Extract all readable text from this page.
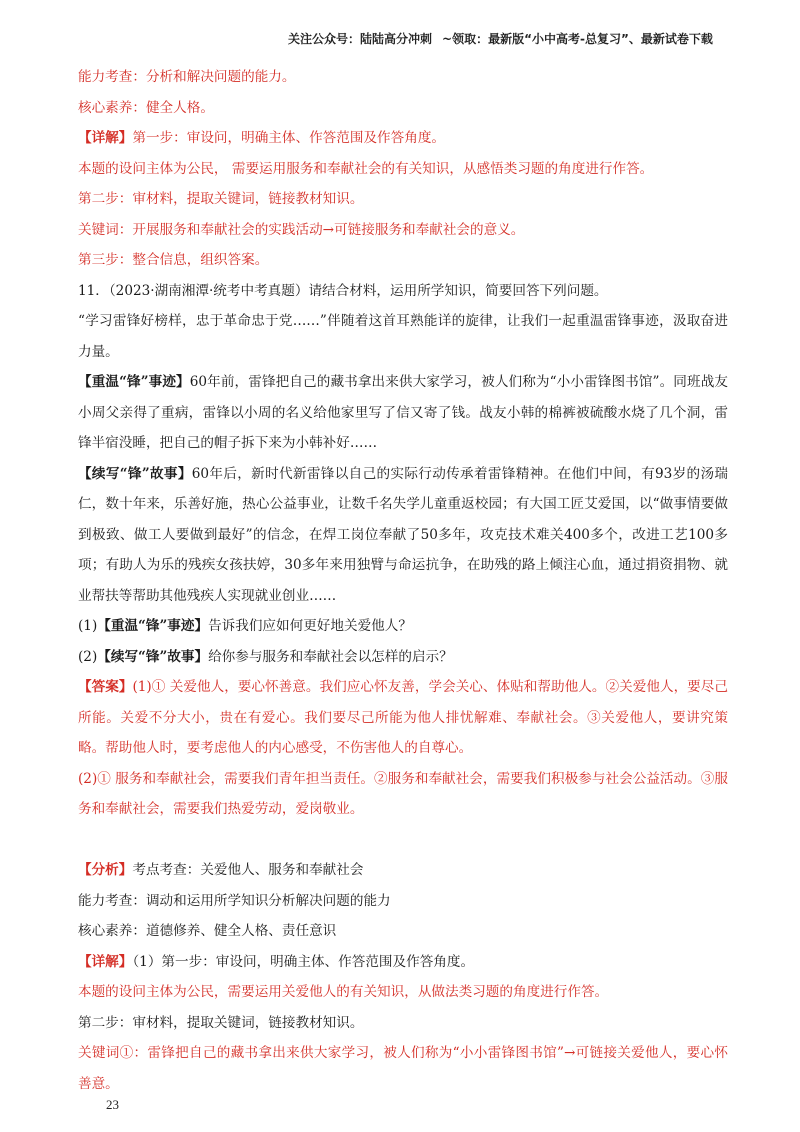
关注公众号：陆陆高分冲刺 ~领取：最新版“小中高考-总复习”、最新试卷下载
能力考查：分析和解决问题的能力。
核心素养：健全人格。
【详解】第一步：审设问，明确主体、作答范围及作答角度。
本题的设问主体为公民， 需要运用服务和奉献社会的有关知识，从感悟类习题的角度进行作答。
第二步：审材料，提取关键词，链接教材知识。
关键词：开展服务和奉献社会的实践活动→可链接服务和奉献社会的意义。
第三步：整合信息，组织答案。
11．（2023·湖南湘潭·统考中考真题）请结合材料，运用所学知识，简要回答下列问题。
“学习雷锋好榜样，忠于革命忠于党……”伴随着这首耳熟能详的旋律，让我们一起重温雷锋事迹，汲取奋进力量。
【重温“锋”事迹】60年前，雷锋把自己的藏书拿出来供大家学习，被人们称为“小小雷锋图书馆”。同班战友小周父亲得了重病，雷锋以小周的名义给他家里写了信又寄了钱。战友小韩的棉裤被硫酸水烧了几个洞，雷锋半宿没睡，把自己的帽子拆下来为小韩补好……
【续写“锋”故事】60年后，新时代新雷锋以自己的实际行动传承着雷锋精神。在他们中间，有93岁的汤瑞仁，数十年来，乐善好施，热心公益事业，让数千名失学儿童重返校园；有大国工匠艾爱国，以“做事情要做到极致、做工人要做到最好”的信念，在焊工岗位奉献了50多年，攻克技术难关400多个，改进工艺100多项；有助人为乐的残疾女孩扶婷，30多年来用独臂与命运抗争，在助残的路上倾注心血，通过捐资捐物、就业帮扶等帮助其他残疾人实现就业创业……
(1)【重温“锋”事迹】告诉我们应如何更好地关爱他人？
(2)【续写“锋”故事】给你参与服务和奉献社会以怎样的启示？
【答案】(1)① 关爱他人，要心怀善意。我们应心怀友善，学会关心、体贴和帮助他人。②关爱他人，要尽己所能。关爱不分大小，贵在有爱心。我们要尽己所能为他人排忧解难、奉献社会。③关爱他人，要讲究策略。帮助他人时，要考虑他人的内心感受，不伤害他人的自尊心。
(2)① 服务和奉献社会，需要我们青年担当责任。②服务和奉献社会，需要我们积极参与社会公益活动。③服务和奉献社会，需要我们热爱劳动，爱岗敬业。
【分析】考点考查：关爱他人、服务和奉献社会
能力考查：调动和运用所学知识分析解决问题的能力
核心素养：道德修养、健全人格、责任意识
【详解】（1）第一步：审设问，明确主体、作答范围及作答角度。
本题的设问主体为公民，需要运用关爱他人的有关知识，从做法类习题的角度进行作答。
第二步：审材料，提取关键词，链接教材知识。
关键词①：雷锋把自己的藏书拿出来供大家学习，被人们称为“小小雷锋图书馆”→可链接关爱他人，要心怀善意。
23
